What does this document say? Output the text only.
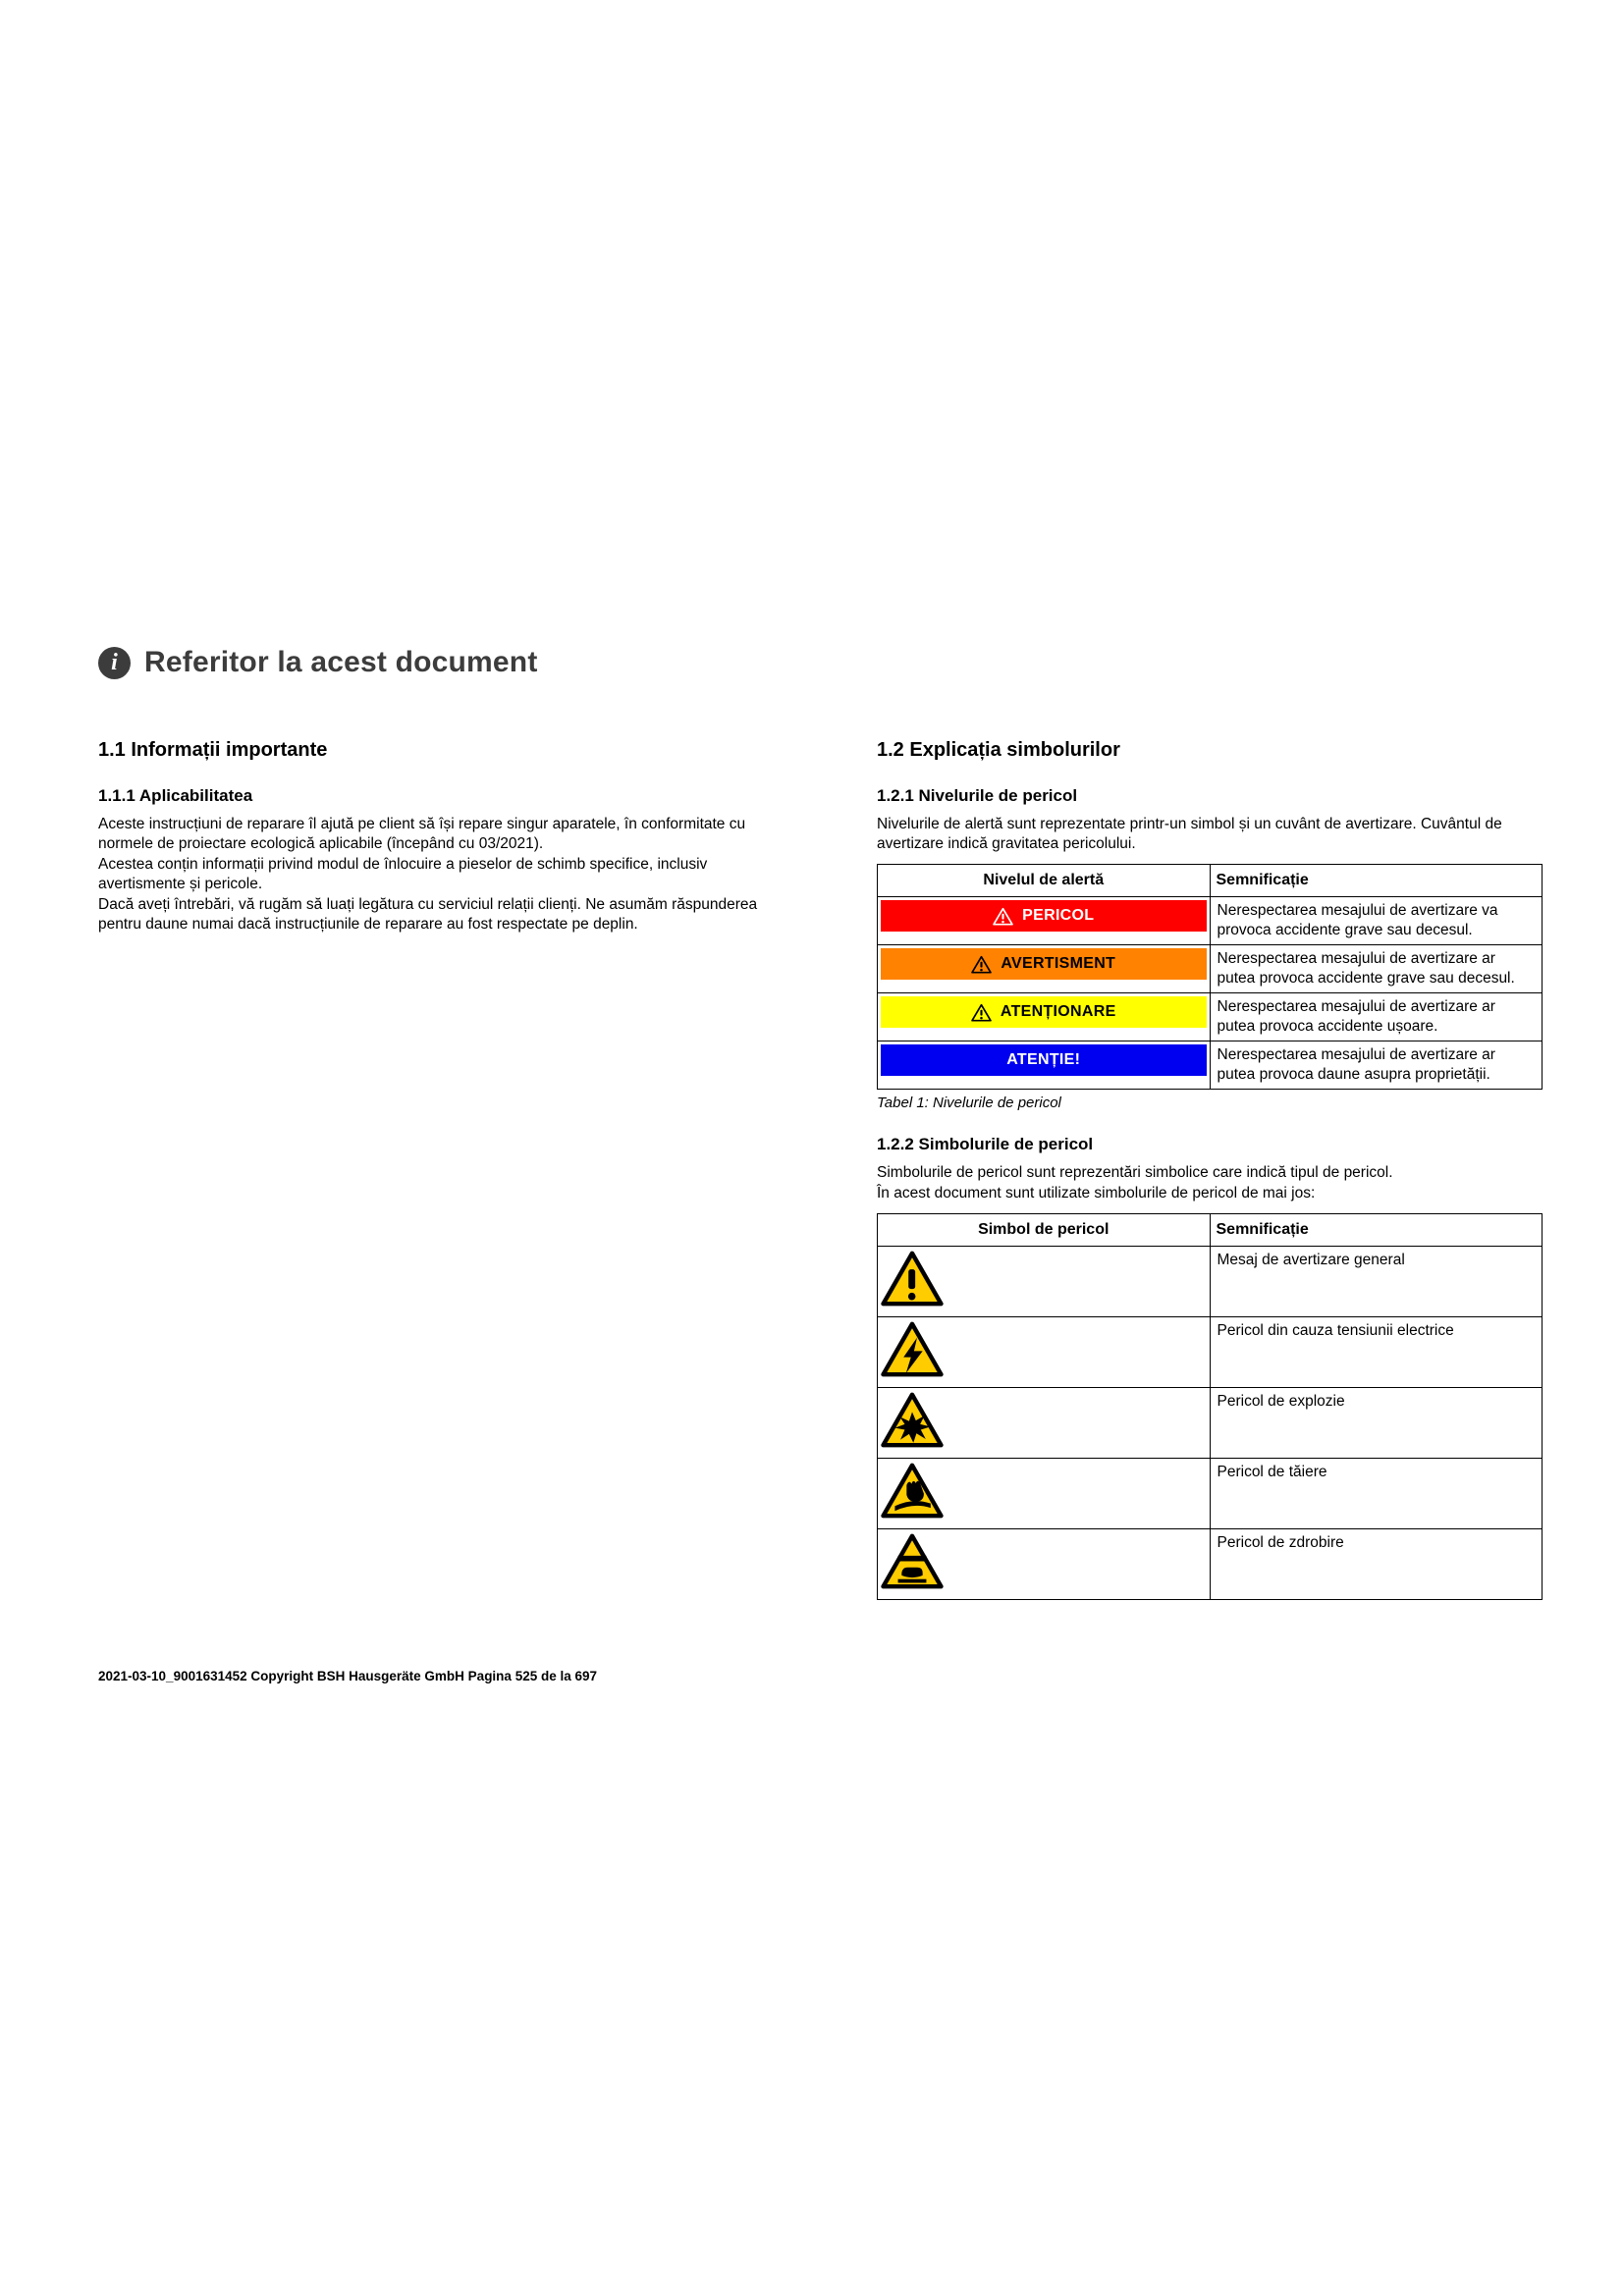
i Referitor la acest document
1.1 Informații importante
1.1.1 Aplicabilitatea

Aceste instrucțiuni de reparare îl ajută pe client să își repare singur aparatele, în conformitate cu normele de proiectare ecologică aplicabile (începând cu 03/2021).

Acestea conțin informații privind modul de înlocuire a pieselor de schimb specifice, inclusiv avertismente și pericole.

Dacă aveți întrebări, vă rugăm să luați legătura cu serviciul relații clienți. Ne asumăm răspunderea pentru daune numai dacă instrucțiunile de reparare au fost respectate pe deplin.

1.2 Explicația simbolurilor
1.2.1 Nivelurile de pericol

Nivelurile de alertă sunt reprezentate printr-un simbol și un cuvânt de avertizare. Cuvântul de avertizare indică gravitatea pericolului.

Nivelul de alertă	Semnificație

PERICOL	Nerespectarea mesajului de avertizare va provoca accidente grave sau decesul.

AVERTISMENT	Nerespectarea mesajului de avertizare ar putea provoca accidente grave sau decesul.

ATENȚIONARE	Nerespectarea mesajului de avertizare ar putea provoca accidente ușoare.

ATENȚIE!	Nerespectarea mesajului de avertizare ar putea provoca daune asupra proprietății.
Tabel 1: Nivelurile de pericol
1.2.2 Simbolurile de pericol

Simbolurile de pericol sunt reprezentări simbolice care indică tipul de pericol.

În acest document sunt utilizate simbolurile de pericol de mai jos:

Simbol de pericol	Semnificație

	Mesaj de avertizare general

	Pericol din cauza tensiunii electrice

	Pericol de explozie

	Pericol de tăiere

	Pericol de zdrobire
2021-03-10_9001631452 Copyright BSH Hausgeräte GmbH Pagina 525 de la 697
